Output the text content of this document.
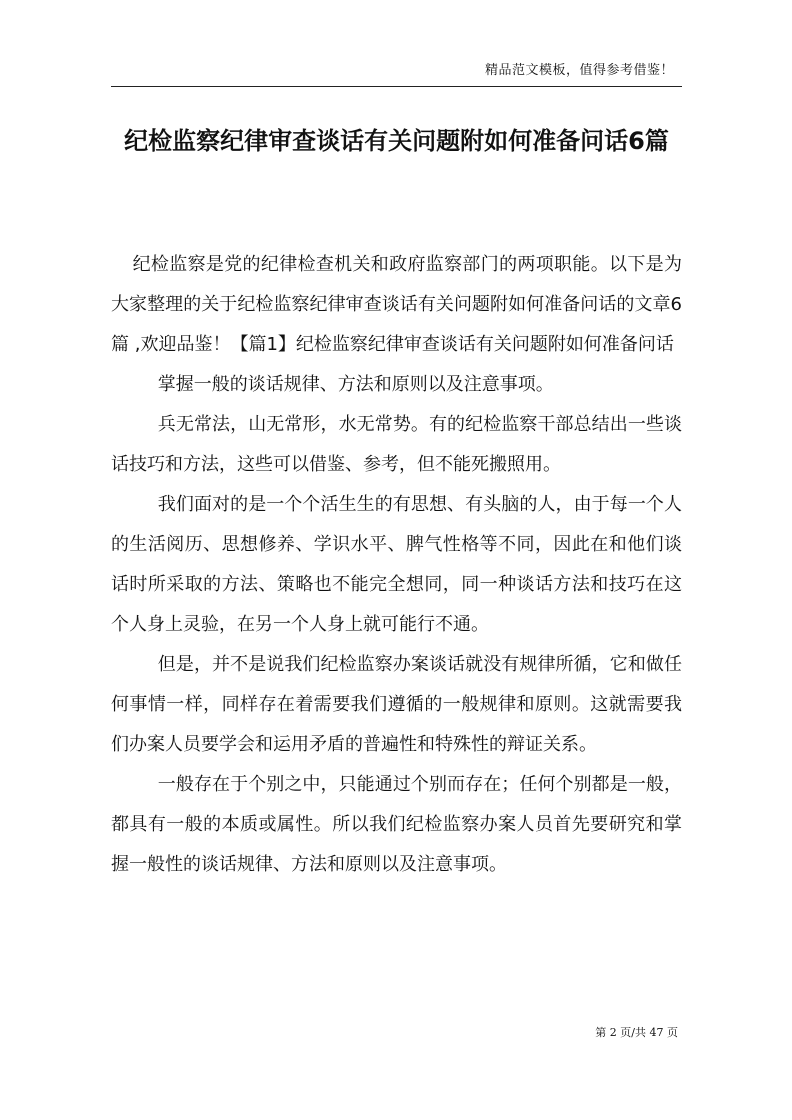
精品范文模板，值得参考借鉴！
纪检监察纪律审查谈话有关问题附如何准备问话6篇

纪检监察是党的纪律检查机关和政府监察部门的两项职能。以下是为大家整理的关于纪检监察纪律审查谈话有关问题附如何准备问话的文章6篇 ,欢迎品鉴！【篇1】纪检监察纪律审查谈话有关问题附如何准备问话

掌握一般的谈话规律、方法和原则以及注意事项。

兵无常法，山无常形，水无常势。有的纪检监察干部总结出一些谈话技巧和方法，这些可以借鉴、参考，但不能死搬照用。

我们面对的是一个个活生生的有思想、有头脑的人，由于每一个人的生活阅历、思想修养、学识水平、脾气性格等不同，因此在和他们谈话时所采取的方法、策略也不能完全想同，同一种谈话方法和技巧在这个人身上灵验，在另一个人身上就可能行不通。

但是，并不是说我们纪检监察办案谈话就没有规律所循，它和做任何事情一样，同样存在着需要我们遵循的一般规律和原则。这就需要我们办案人员要学会和运用矛盾的普遍性和特殊性的辩证关系。

一般存在于个别之中，只能通过个别而存在；任何个别都是一般，都具有一般的本质或属性。所以我们纪检监察办案人员首先要研究和掌握一般性的谈话规律、方法和原则以及注意事项。

第 2 页/共 47 页
